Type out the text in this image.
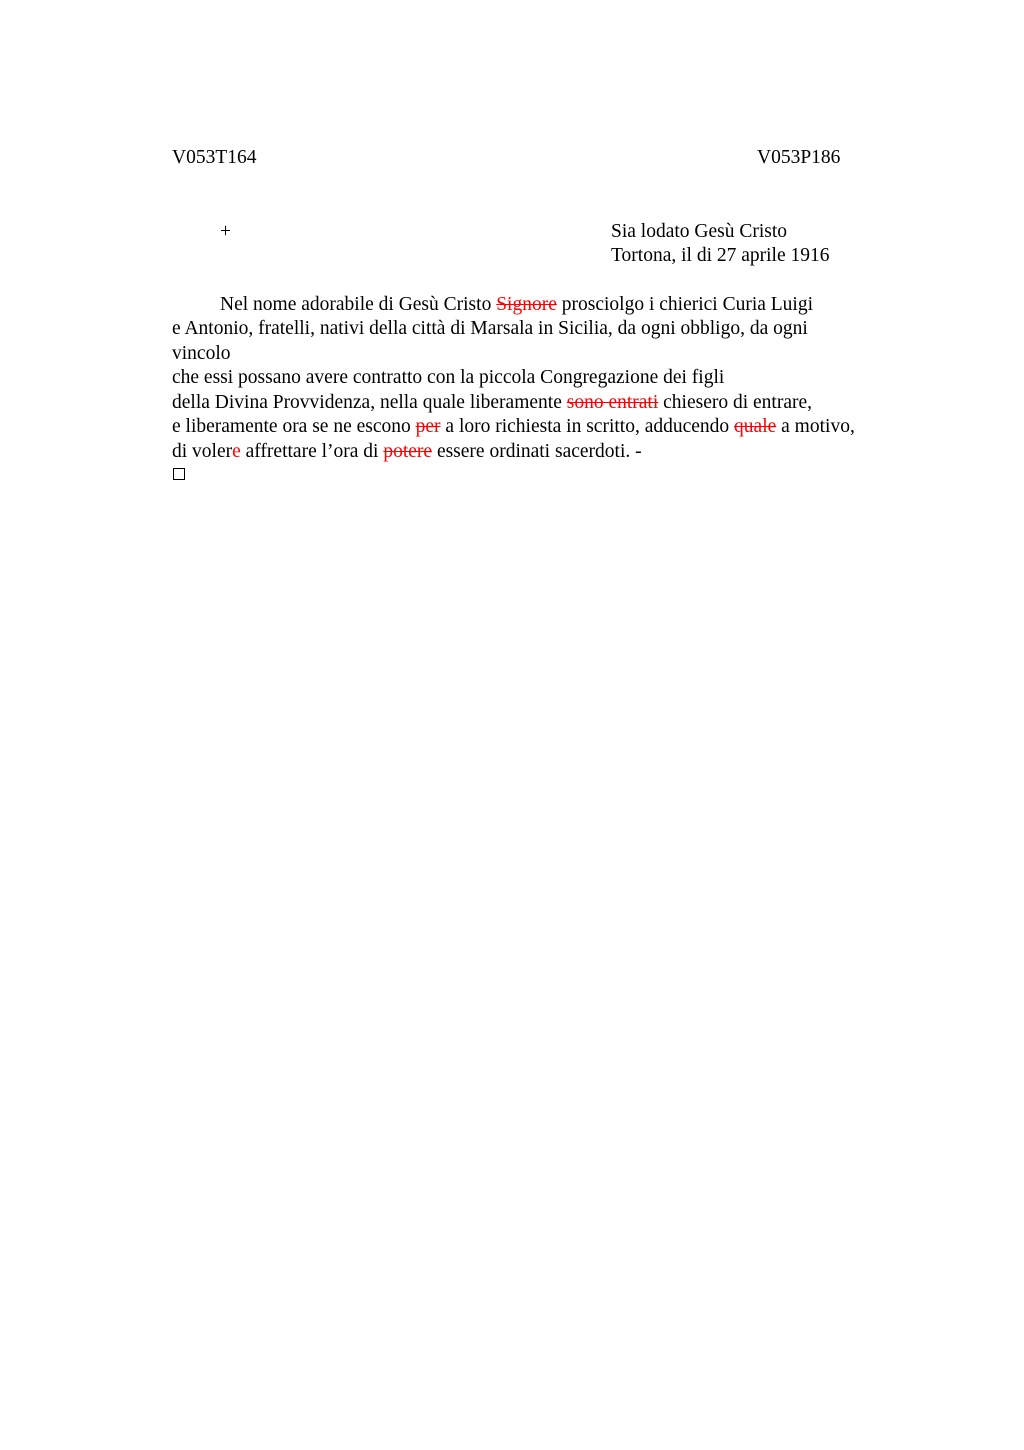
V053T164	V053P186
+	Sia lodato Gesù Cristo
Tortona, il di 27 aprile 1916
Nel nome adorabile di Gesù Cristo Signore prosciolgo i chierici Curia Luigi
e Antonio, fratelli, nativi della città di Marsala in Sicilia, da ogni obbligo, da ogni
vincolo
che essi possano avere contratto con la piccola Congregazione dei figli
della Divina Provvidenza, nella quale liberamente sono entrati chiesero di entrare,
e liberamente ora se ne escono per a loro richiesta in scritto, adducendo quale a motivo,
di volere affrettare l’ora di potere essere ordinati sacerdoti. -
